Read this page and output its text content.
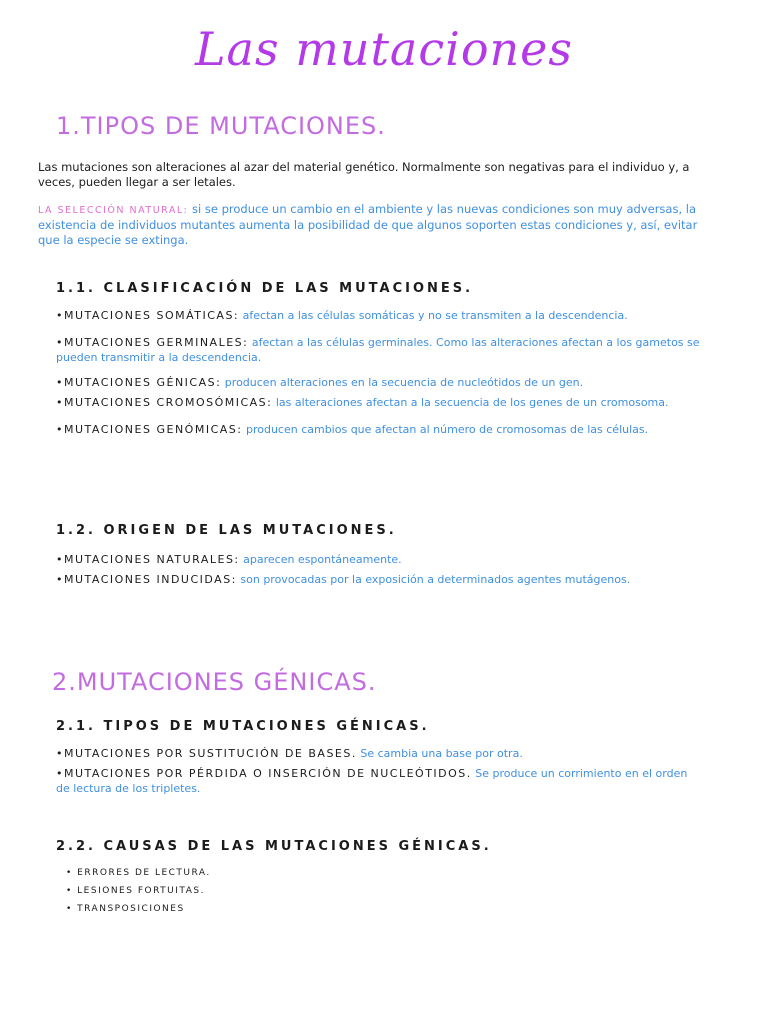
Las mutaciones

1.TIPOS DE MUTACIONES.

Las mutaciones son alteraciones al azar del material genético. Normalmente son negativas para el individuo y, a veces, pueden llegar a ser letales.

LA SELECCIÓN NATURAL: si se produce un cambio en el ambiente y las nuevas condiciones son muy adversas, la existencia de individuos mutantes aumenta la posibilidad de que algunos soporten estas condiciones y, así, evitar que la especie se extinga.

1.1. CLASIFICACIÓN DE LAS MUTACIONES.

•MUTACIONES SOMÁTICAS: afectan a las células somáticas y no se transmiten a la descendencia.

•MUTACIONES GERMINALES: afectan a las células germinales. Como las alteraciones afectan a los gametos se pueden transmitir a la descendencia.

•MUTACIONES GÉNICAS: producen alteraciones en la secuencia de nucleótidos de un gen.

•MUTACIONES CROMOSÓMICAS: las alteraciones afectan a la secuencia de los genes de un cromosoma.

•MUTACIONES GENÓMICAS: producen cambios que afectan al número de cromosomas de las células.

1.2. ORIGEN DE LAS MUTACIONES.

•MUTACIONES NATURALES: aparecen espontáneamente.

•MUTACIONES INDUCIDAS: son provocadas por la exposición a determinados agentes mutágenos.

2.MUTACIONES GÉNICAS.

2.1. TIPOS DE MUTACIONES GÉNICAS.

•MUTACIONES POR SUSTITUCIÓN DE BASES. Se cambia una base por otra.

•MUTACIONES POR PÉRDIDA O INSERCIÓN DE NUCLEÓTIDOS. Se produce un corrimiento en el orden de lectura de los tripletes.

2.2. CAUSAS DE LAS MUTACIONES GÉNICAS.

• ERRORES DE LECTURA.

• LESIONES FORTUITAS.

• TRANSPOSICIONES
